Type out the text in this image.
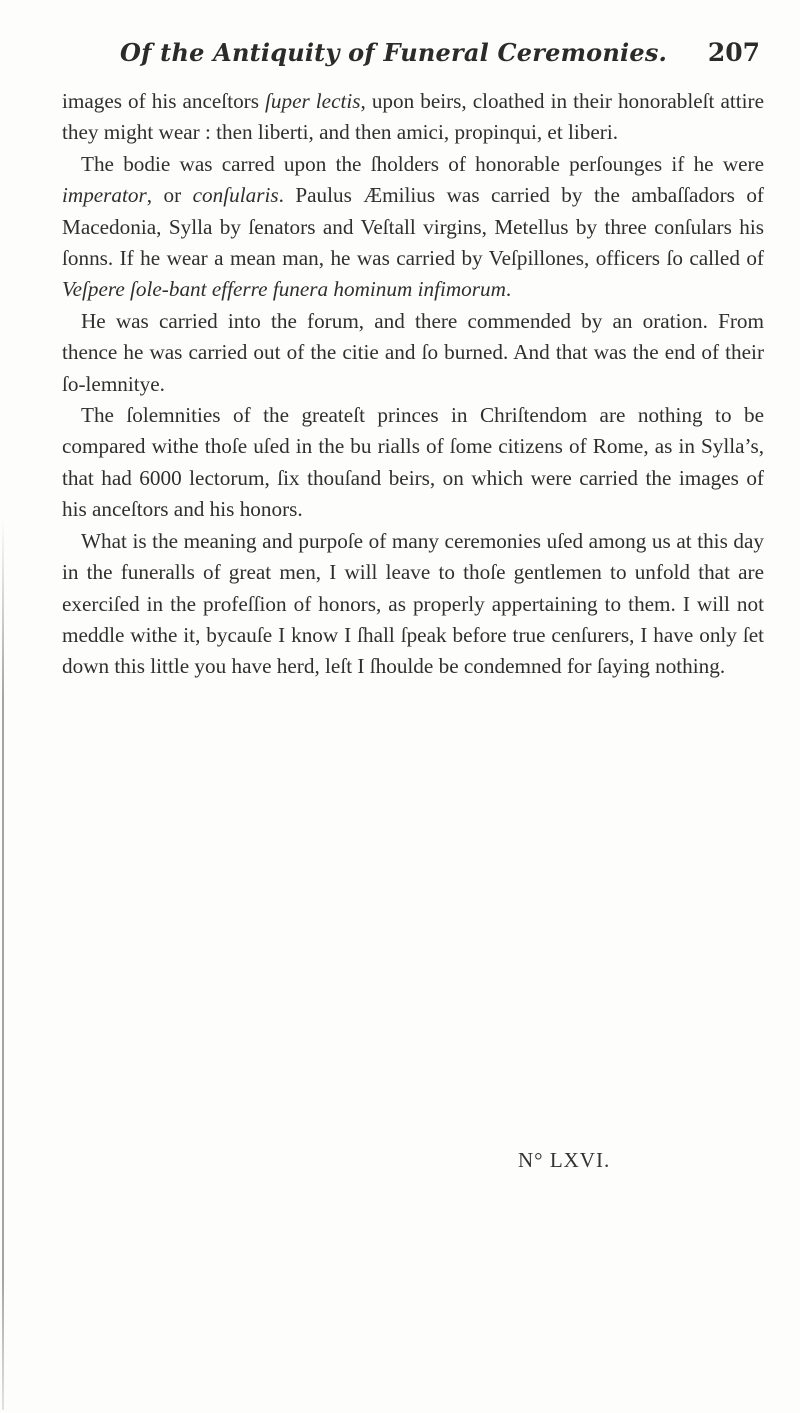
Of the Antiquity of Funeral Ceremonies. 207

images of his anceſtors ſuper lectis, upon beirs, cloathed in their honorableſt attire they might wear : then liberti, and then amici, propinqui, et liberi.

The bodie was carred upon the ſholders of honorable perſounges if he were imperator, or conſularis. Paulus Æmilius was carried by the ambaſſadors of Macedonia, Sylla by ſenators and Veſtall virgins, Metellus by three conſulars his ſonns. If he wear a mean man, he was carried by Veſpillones, officers ſo called of Veſpere ſole-bant efferre funera hominum infimorum.

He was carried into the forum, and there commended by an oration. From thence he was carried out of the citie and ſo burned. And that was the end of their ſo-lemnitye.

The ſolemnities of the greateſt princes in Chriſtendom are nothing to be compared withe thoſe uſed in the bu rialls of ſome citizens of Rome, as in Sylla’s, that had 6000 lectorum, ſix thouſand beirs, on which were carried the images of his anceſtors and his honors.

What is the meaning and purpoſe of many ceremonies uſed among us at this day in the funeralls of great men, I will leave to thoſe gentlemen to unfold that are exerciſed in the profeſſion of honors, as properly appertaining to them. I will not meddle withe it, bycauſe I know I ſhall ſpeak before true cenſurers, I have only ſet down this little you have herd, leſt I ſhoulde be condemned for ſaying nothing.

N° LXVI.
